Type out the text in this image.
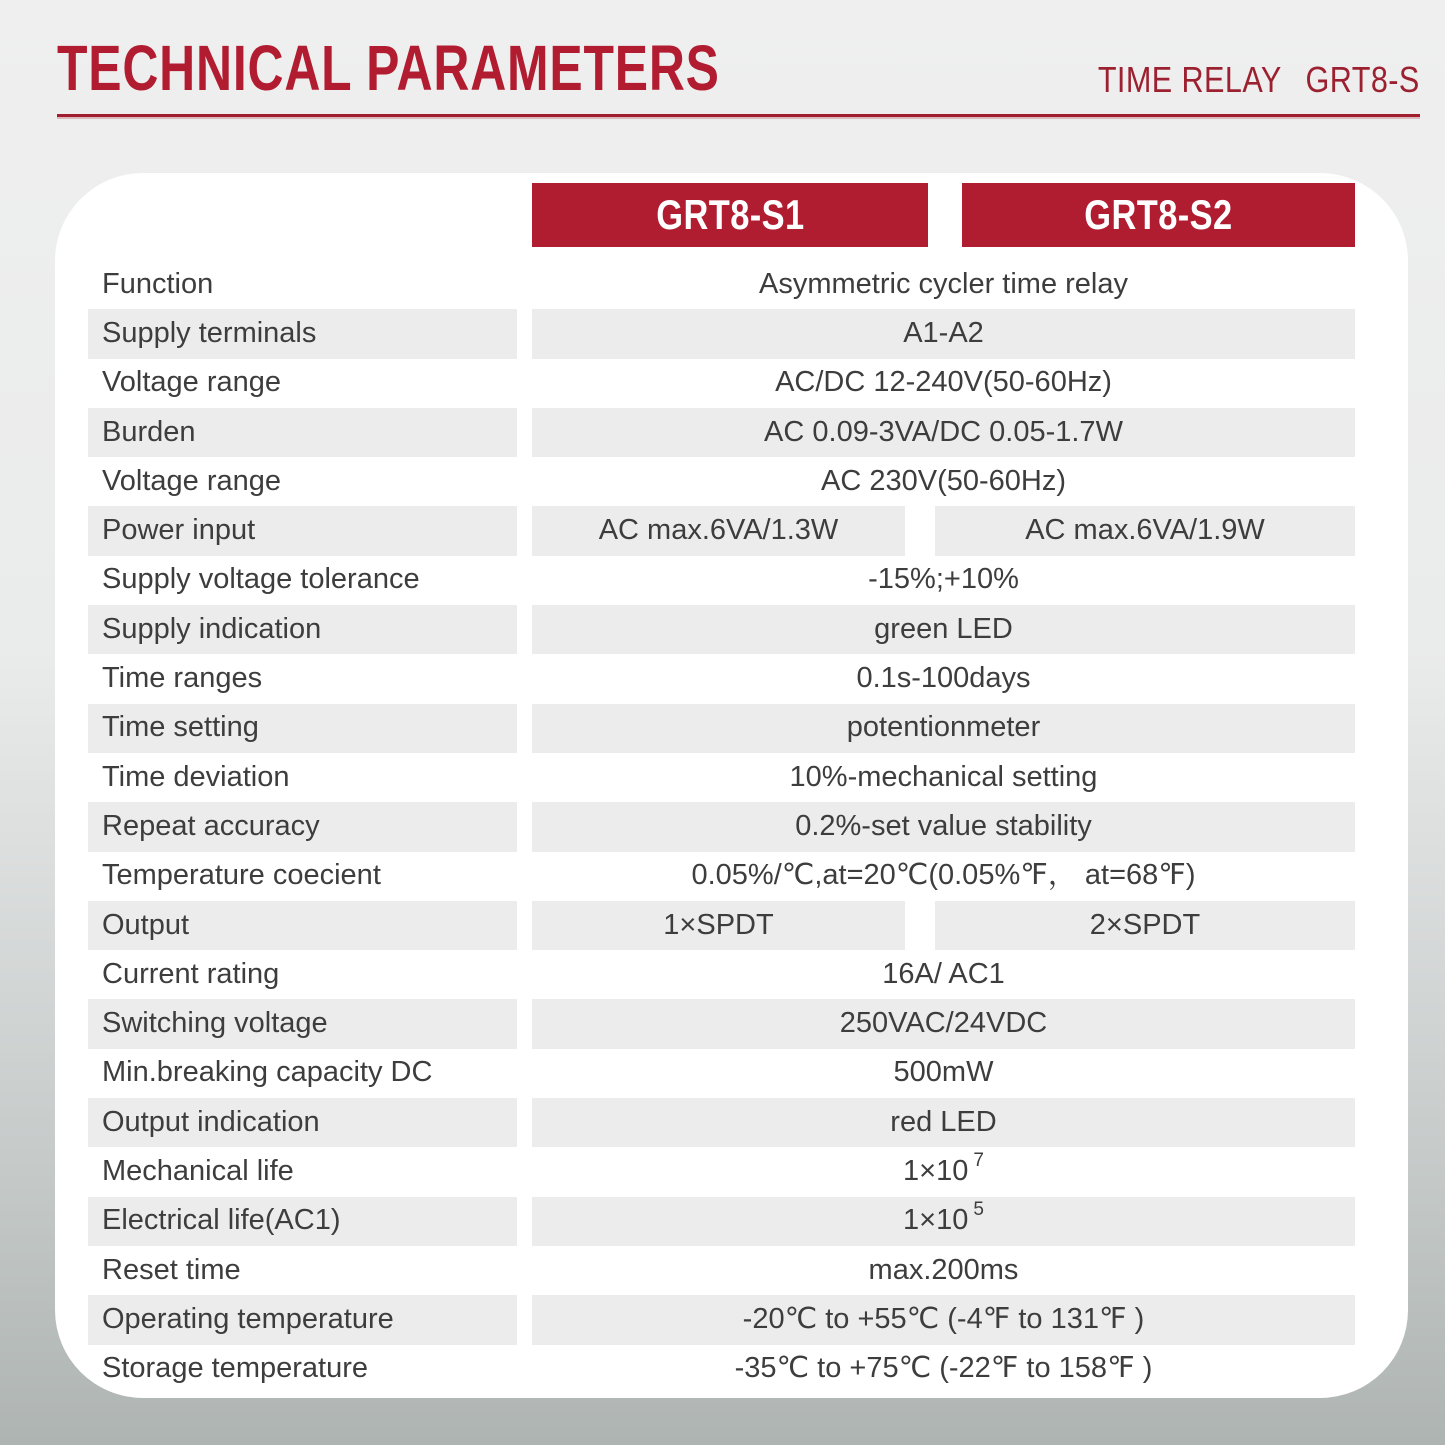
TECHNICAL PARAMETERS	TIME RELAY GRT8-S
GRT8-S1	GRT8-S2
Function	Asymmetric cycler time relay
Supply terminals	A1-A2
Voltage range	AC/DC 12-240V(50-60Hz)
Burden	AC 0.09-3VA/DC 0.05-1.7W
Voltage range	AC 230V(50-60Hz)
Power input	AC max.6VA/1.3W	AC max.6VA/1.9W
Supply voltage tolerance	-15%;+10%
Supply indication	green LED
Time ranges	0.1s-100days
Time setting	potentionmeter
Time deviation	10%-mechanical setting
Repeat accuracy	0.2%-set value stability
Temperature coecient	0.05%/℃,at=20℃(0.05%℉， at=68℉)
Output	1×SPDT	2×SPDT
Current rating	16A/ AC1
Switching voltage	250VAC/24VDC
Min.breaking capacity DC	500mW
Output indication	red LED
Mechanical life	1×10 7
Electrical life(AC1)	1×10 5
Reset time	max.200ms
Operating temperature	-20℃ to +55℃ (-4℉ to 131℉ )
Storage temperature	-35℃ to +75℃ (-22℉ to 158℉ )
